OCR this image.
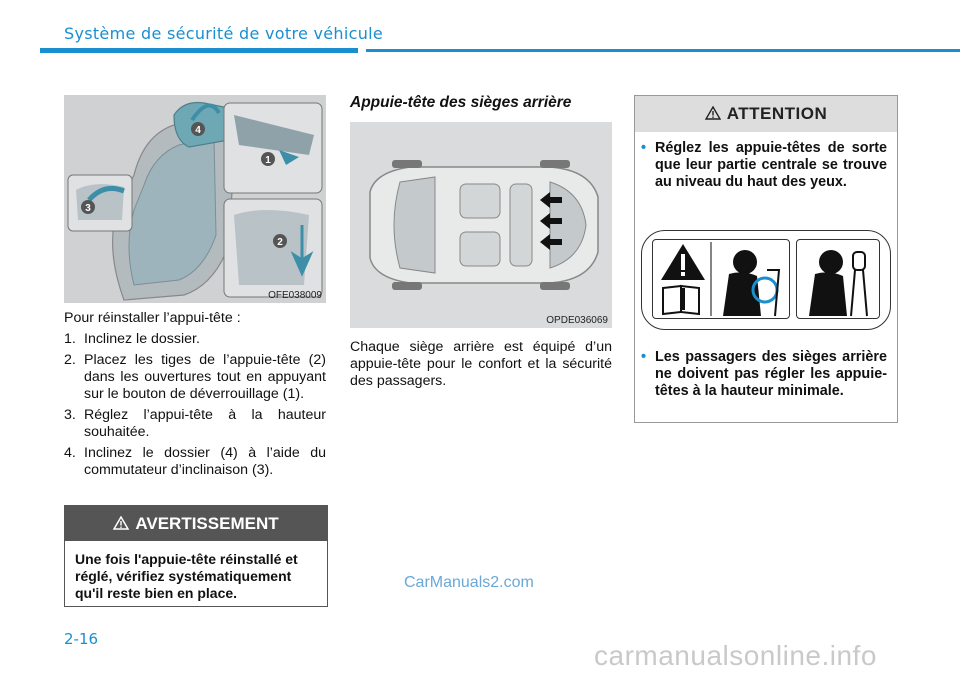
Système de sécurité de votre véhicule
1
2
3
4
OFE038009
Pour réinstaller l’appui-tête :
1. Inclinez le dossier.
2. Placez les tiges de l’appuie-tête (2) dans les ouvertures tout en appuyant sur le bouton de déverrouillage (1).
3. Réglez l’appui-tête à la hauteur souhaitée.
4. Inclinez le dossier (4) à l’aide du commutateur d’inclinaison (3).
AVERTISSEMENT
Une fois l'appuie-tête réinstallé et réglé, vérifiez systématiquement qu'il reste bien en place.
Appuie-tête des sièges arrière
OPDE036069
Chaque siège arrière est équipé d’un appuie-tête pour le confort et la sécurité des passagers.
ATTENTION
• Réglez les appuie-têtes de sorte que leur partie centrale se trouve au niveau du haut des yeux.
• Les passagers des sièges arrière ne doivent pas régler les appuie-têtes à la hauteur minimale.
CarManuals2.com
2-16
carmanualsonline.info
